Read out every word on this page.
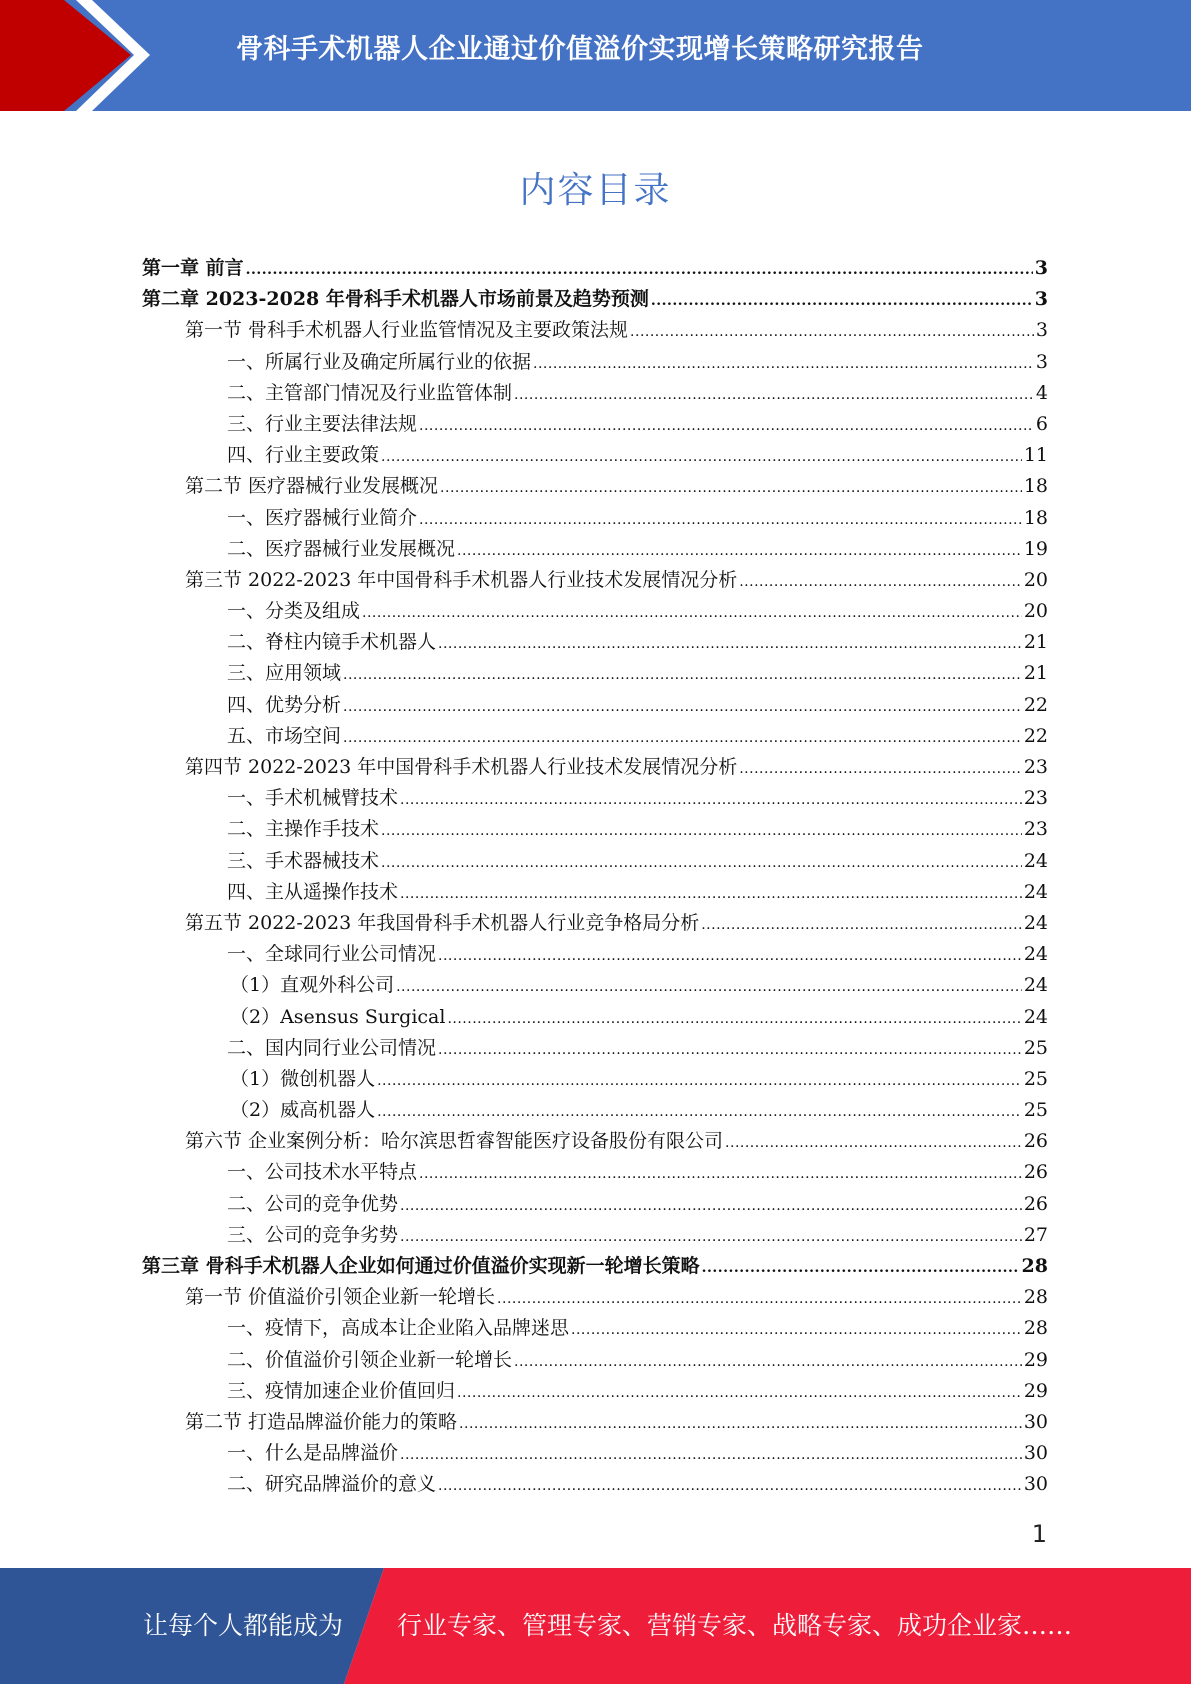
骨科手术机器人企业通过价值溢价实现增长策略研究报告
内容目录
第一章 前言 .....	3
第二章 2023-2028 年骨科手术机器人市场前景及趋势预测 .....	3
第一节 骨科手术机器人行业监管情况及主要政策法规 .....	3
一、所属行业及确定所属行业的依据 .....	3
二、主管部门情况及行业监管体制 .....	4
三、行业主要法律法规 .....	6
四、行业主要政策 .....	11
第二节 医疗器械行业发展概况 .....	18
一、医疗器械行业简介 .....	18
二、医疗器械行业发展概况 .....	19
第三节 2022-2023 年中国骨科手术机器人行业技术发展情况分析 .....	20
一、分类及组成 .....	20
二、脊柱内镜手术机器人 .....	21
三、应用领域 .....	21
四、优势分析 .....	22
五、市场空间 .....	22
第四节 2022-2023 年中国骨科手术机器人行业技术发展情况分析 .....	23
一、手术机械臂技术 .....	23
二、主操作手技术 .....	23
三、手术器械技术 .....	24
四、主从遥操作技术 .....	24
第五节 2022-2023 年我国骨科手术机器人行业竞争格局分析 .....	24
一、全球同行业公司情况 .....	24
（1）直观外科公司 .....	24
（2）Asensus Surgical .....	24
二、国内同行业公司情况 .....	25
（1）微创机器人 .....	25
（2）威高机器人 .....	25
第六节 企业案例分析：哈尔滨思哲睿智能医疗设备股份有限公司 .....	26
一、公司技术水平特点 .....	26
二、公司的竞争优势 .....	26
三、公司的竞争劣势 .....	27
第三章 骨科手术机器人企业如何通过价值溢价实现新一轮增长策略 .....	28
第一节 价值溢价引领企业新一轮增长 .....	28
一、疫情下，高成本让企业陷入品牌迷思 .....	28
二、价值溢价引领企业新一轮增长 .....	29
三、疫情加速企业价值回归 .....	29
第二节 打造品牌溢价能力的策略 .....	30
一、什么是品牌溢价 .....	30
二、研究品牌溢价的意义 .....	30
1
让每个人都能成为 行业专家、管理专家、营销专家、战略专家、成功企业家……
